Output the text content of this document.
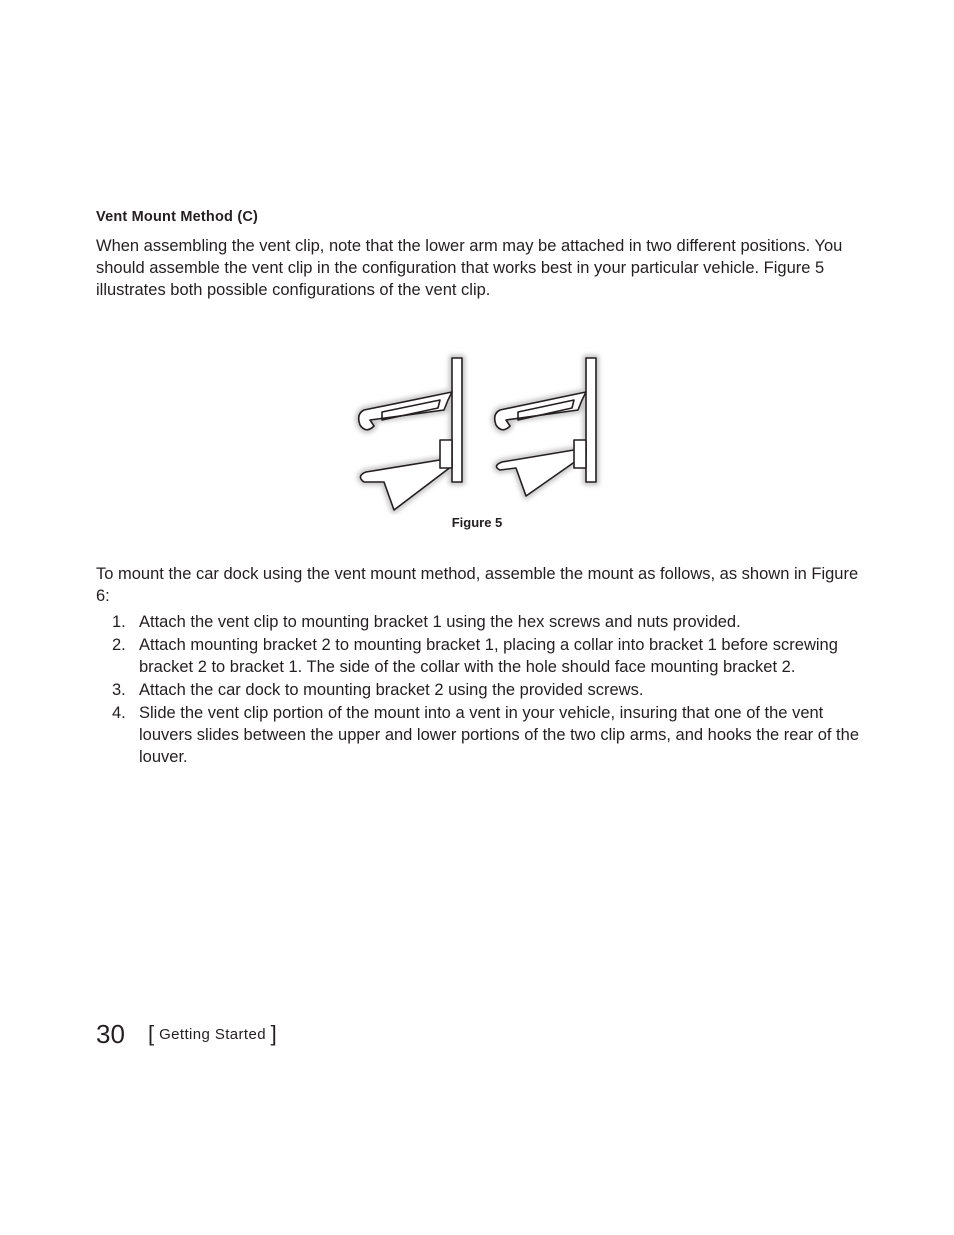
Vent Mount Method (C)

When assembling the vent clip, note that the lower arm may be attached in two different positions. You should assemble the vent clip in the configuration that works best in your particular vehicle. Figure 5 illustrates both possible configurations of the vent clip.

Figure 5

To mount the car dock using the vent mount method, assemble the mount as follows, as shown in Figure 6:

1. Attach the vent clip to mounting bracket 1 using the hex screws and nuts provided.
2. Attach mounting bracket 2 to mounting bracket 1, placing a collar into bracket 1 before screwing bracket 2 to bracket 1. The side of the collar with the hole should face mounting bracket 2.
3. Attach the car dock to mounting bracket 2 using the provided screws.
4. Slide the vent clip portion of the mount into a vent in your vehicle, insuring that one of the vent louvers slides between the upper and lower portions of the two clip arms, and hooks the rear of the louver.
30 [ Getting Started ]
